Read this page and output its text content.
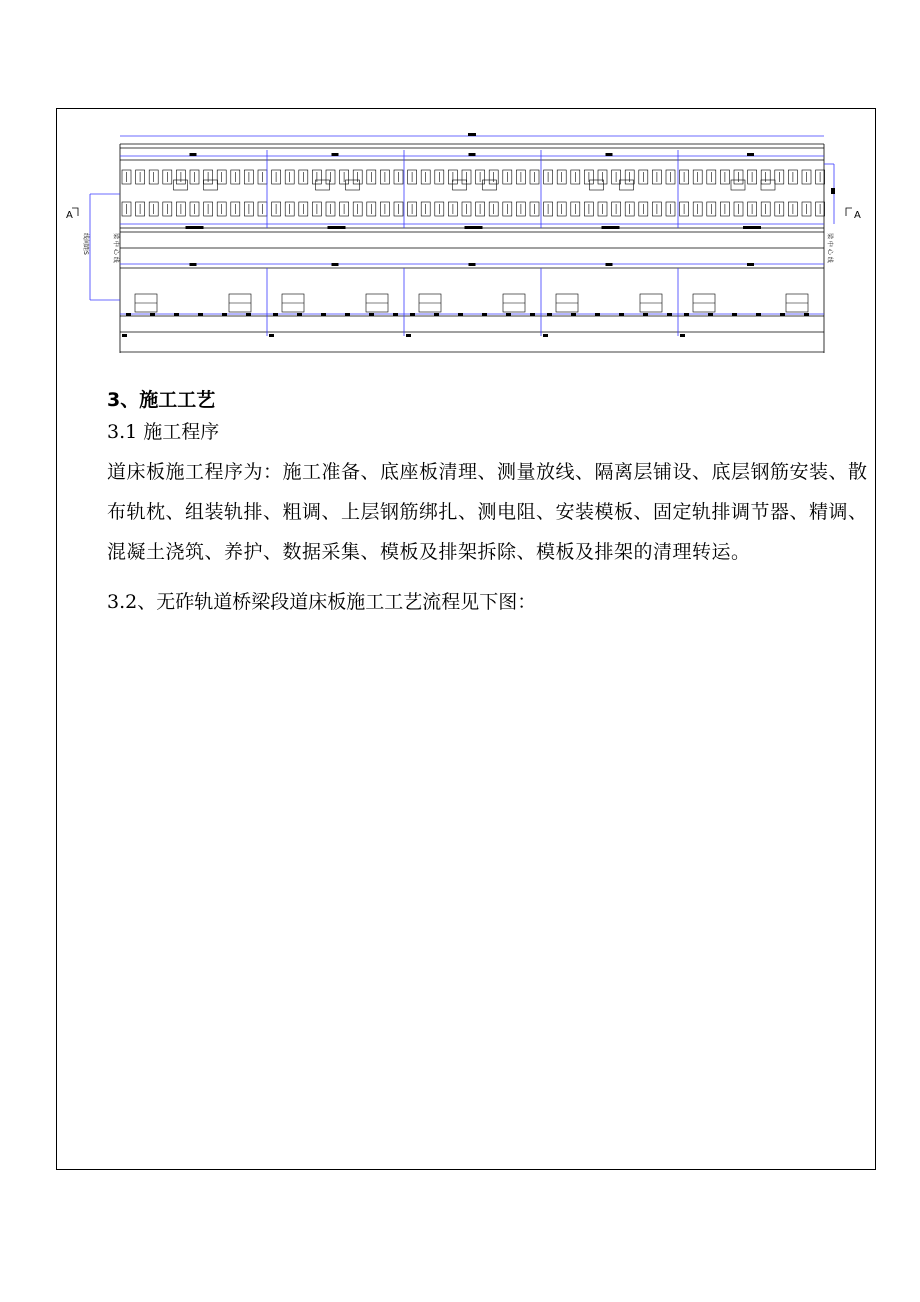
A	A
线间距S	梁 中 心 线	梁 中 心 线

3、施工工艺

3.1 施工程序

道床板施工程序为：施工准备、底座板清理、测量放线、隔离层铺设、底层钢筋安装、散布轨枕、组装轨排、粗调、上层钢筋绑扎、测电阻、安装模板、固定轨排调节器、精调、混凝土浇筑、养护、数据采集、模板及排架拆除、模板及排架的清理转运。

3.2、无砟轨道桥梁段道床板施工工艺流程见下图：
